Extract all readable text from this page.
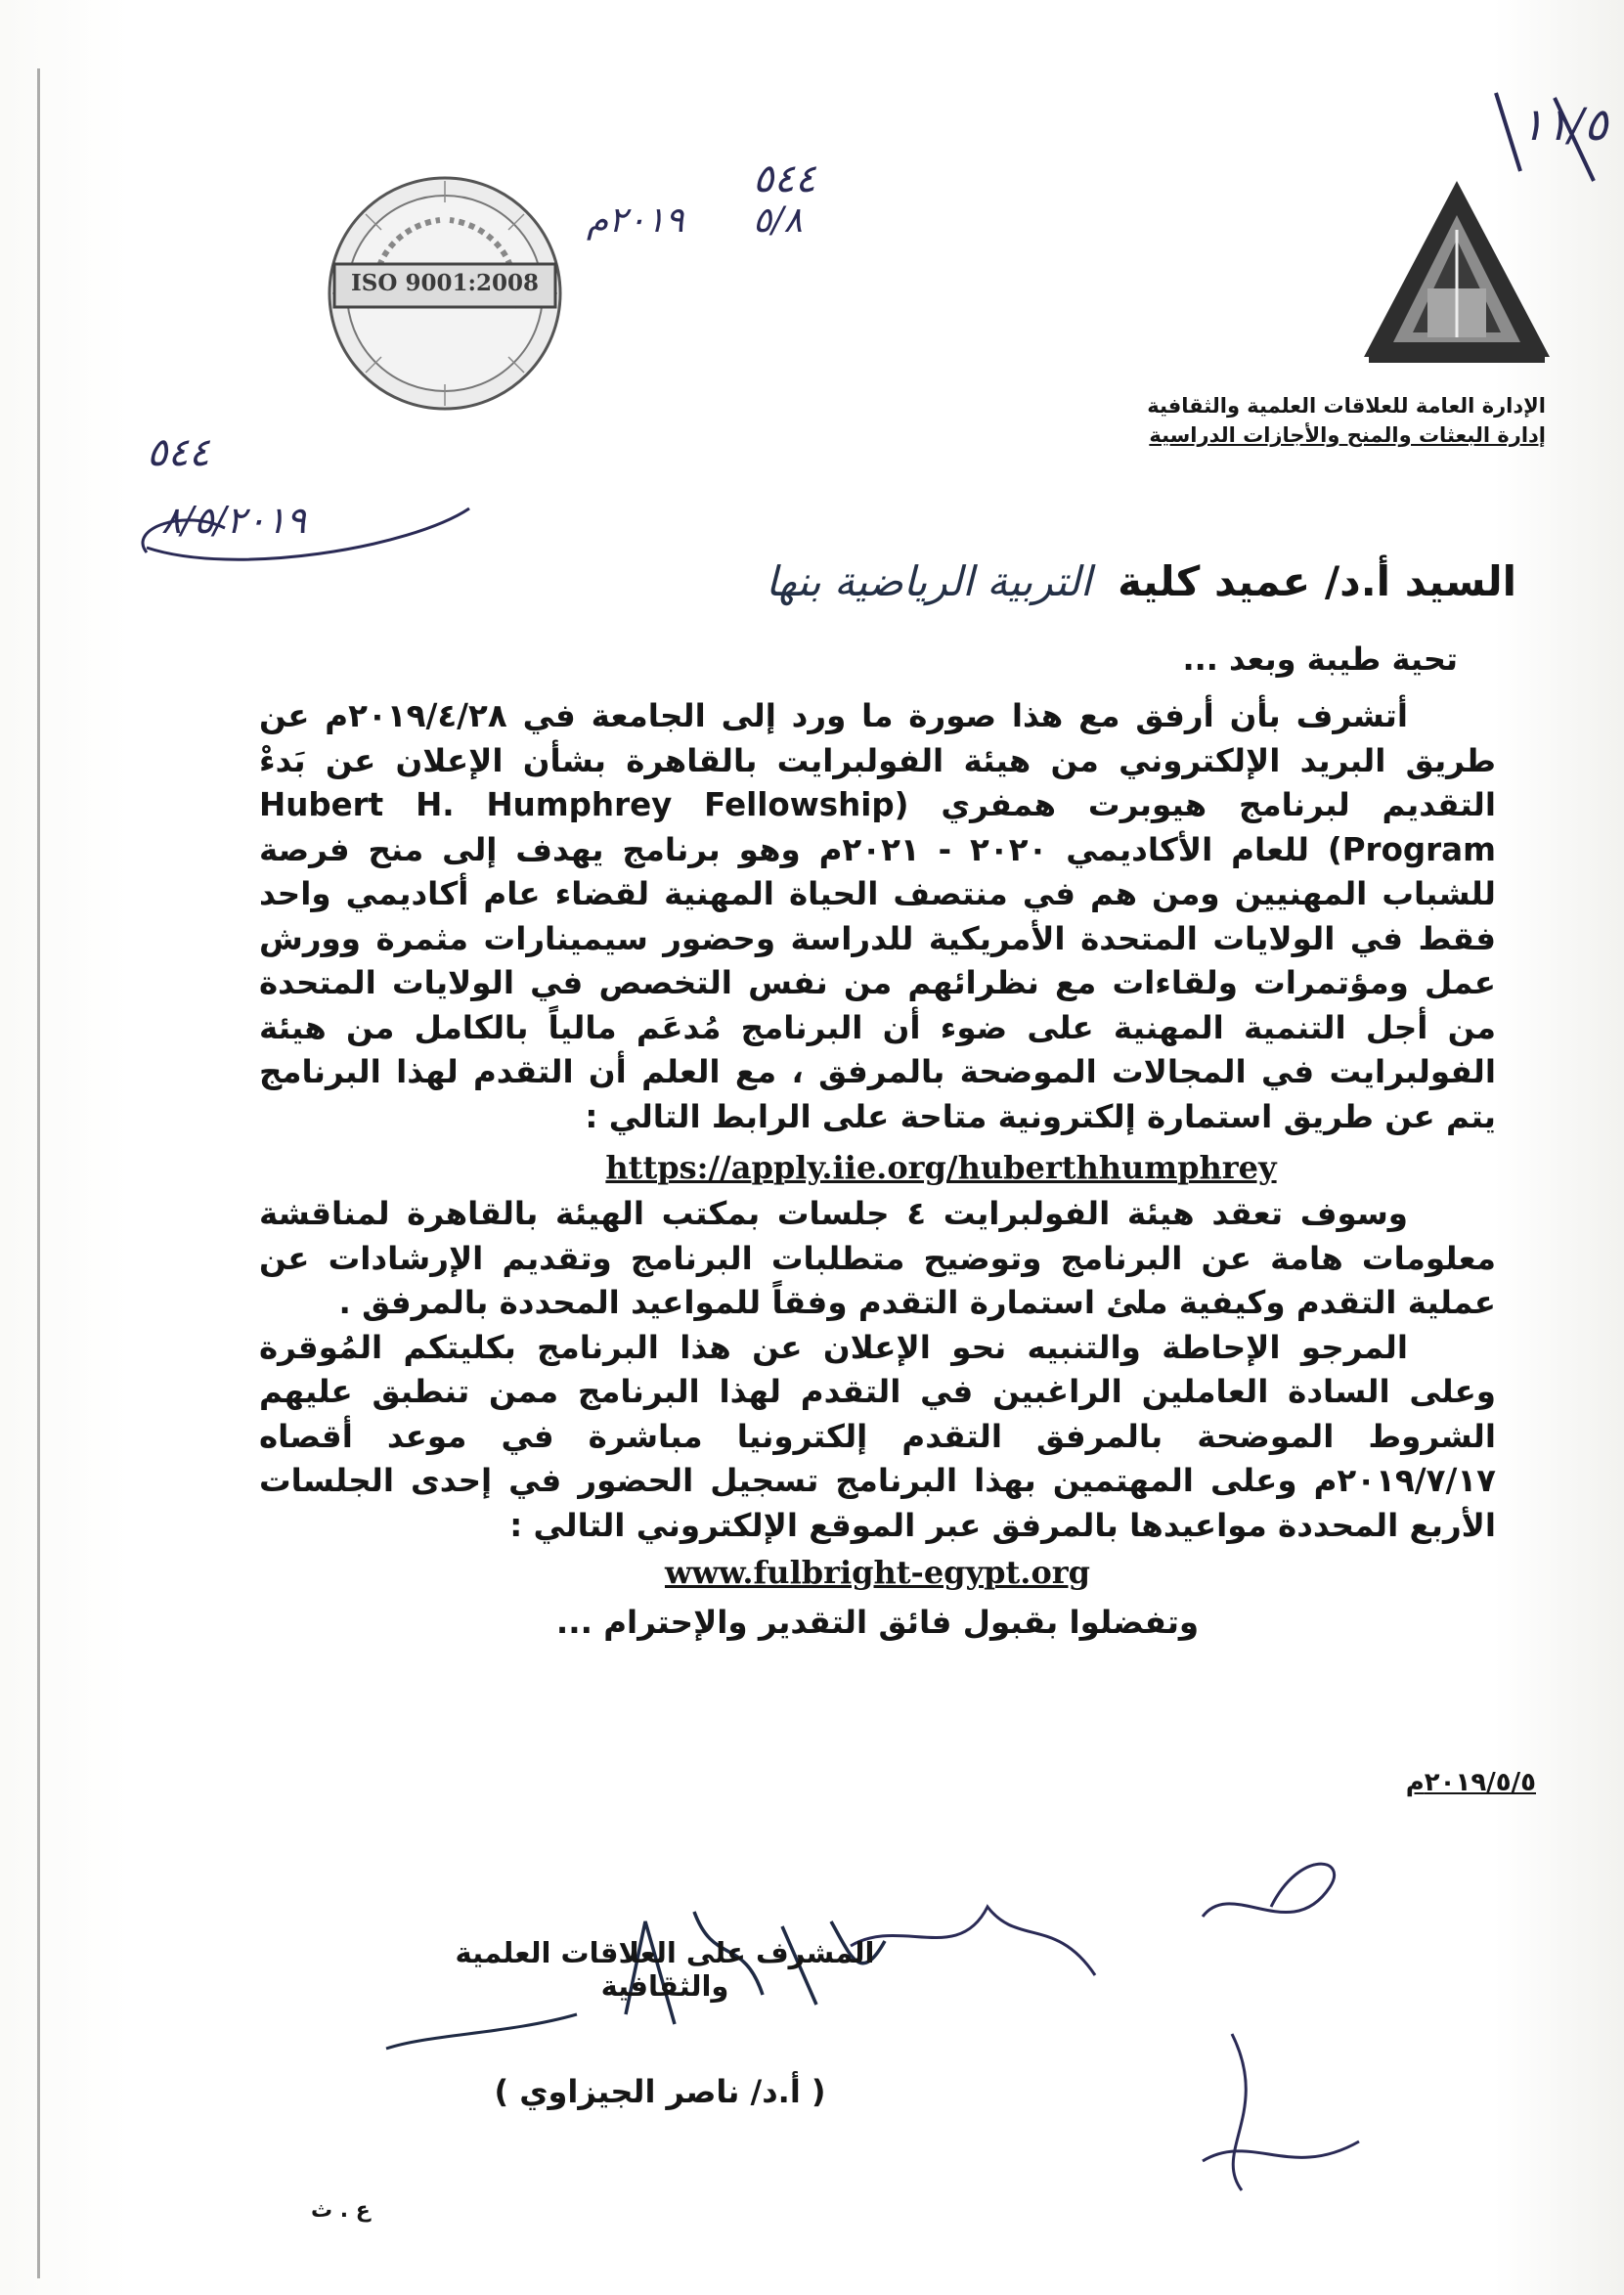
ISO 9001:2008
الإدارة العامة للعلاقات العلمية والثقافية
إدارة البعثات والمنح والأجازات الدراسية
٥٤٤
٥/٨
٢٠١٩م
١١/٥
٥٤٤
٨/٥/٢٠١٩
السيد أ.د/ عميد كلية التربية الرياضية بنها
تحية طيبة وبعد ...

أتشرف بأن أرفق مع هذا صورة ما ورد إلى الجامعة في ٢٠١٩/٤/٢٨م عن طريق البريد الإلكتروني من هيئة الفولبرايت بالقاهرة بشأن الإعلان عن بَدءْ التقديم لبرنامج هيوبرت همفري (Hubert H. Humphrey Fellowship Program) للعام الأكاديمي ٢٠٢٠ - ٢٠٢١م وهو برنامج يهدف إلى منح فرصة للشباب المهنيين ومن هم في منتصف الحياة المهنية لقضاء عام أكاديمي واحد فقط في الولايات المتحدة الأمريكية للدراسة وحضور سيمينارات مثمرة وورش عمل ومؤتمرات ولقاءات مع نظرائهم من نفس التخصص في الولايات المتحدة من أجل التنمية المهنية على ضوء أن البرنامج مُدعَم مالياً بالكامل من هيئة الفولبرايت في المجالات الموضحة بالمرفق ، مع العلم أن التقدم لهذا البرنامج يتم عن طريق استمارة إلكترونية متاحة على الرابط التالي :

https://apply.iie.org/huberthhumphrey

وسوف تعقد هيئة الفولبرايت ٤ جلسات بمكتب الهيئة بالقاهرة لمناقشة معلومات هامة عن البرنامج وتوضيح متطلبات البرنامج وتقديم الإرشادات عن عملية التقدم وكيفية ملئ استمارة التقدم وفقاً للمواعيد المحددة بالمرفق .

المرجو الإحاطة والتنبيه نحو الإعلان عن هذا البرنامج بكليتكم المُوقرة وعلى السادة العاملين الراغبين في التقدم لهذا البرنامج ممن تنطبق عليهم الشروط الموضحة بالمرفق التقدم إلكترونيا مباشرة في موعد أقصاه ٢٠١٩/٧/١٧م وعلى المهتمين بهذا البرنامج تسجيل الحضور في إحدى الجلسات الأربع المحددة مواعيدها بالمرفق عبر الموقع الإلكتروني التالي :

www.fulbright-egypt.org
وتفضلوا بقبول فائق التقدير والإحترام ...
٢٠١٩/٥/٥م
المشرف على العلاقات العلمية والثقافية
( أ.د/ ناصر الجيزاوي )
ع . ث
